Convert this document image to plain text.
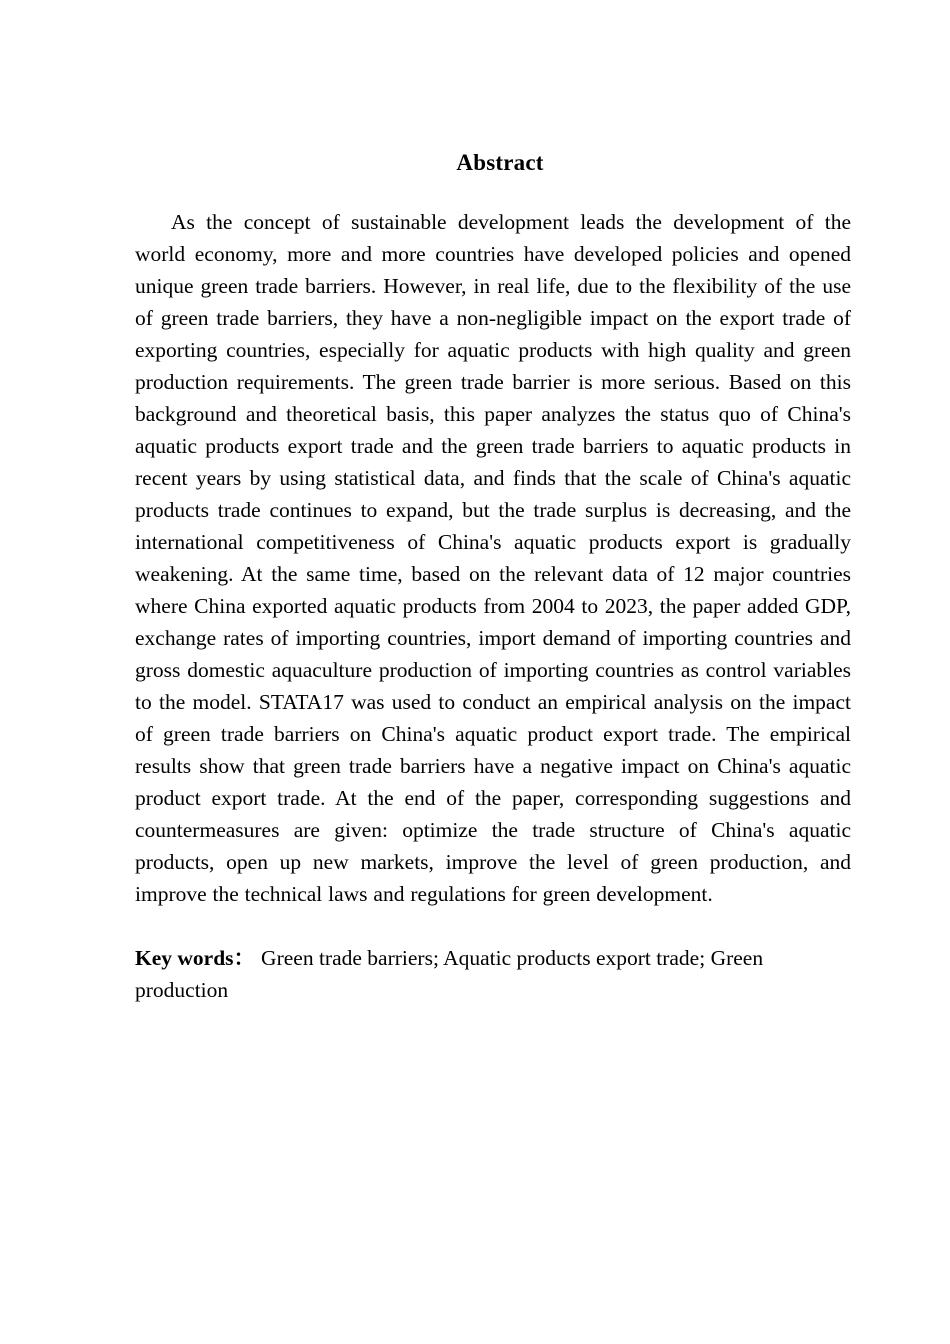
Abstract

As the concept of sustainable development leads the development of the world economy, more and more countries have developed policies and opened unique green trade barriers. However, in real life, due to the flexibility of the use of green trade barriers, they have a non-negligible impact on the export trade of exporting countries, especially for aquatic products with high quality and green production requirements. The green trade barrier is more serious. Based on this background and theoretical basis, this paper analyzes the status quo of China's aquatic products export trade and the green trade barriers to aquatic products in recent years by using statistical data, and finds that the scale of China's aquatic products trade continues to expand, but the trade surplus is decreasing, and the international competitiveness of China's aquatic products export is gradually weakening. At the same time, based on the relevant data of 12 major countries where China exported aquatic products from 2004 to 2023, the paper added GDP, exchange rates of importing countries, import demand of importing countries and gross domestic aquaculture production of importing countries as control variables to the model. STATA17 was used to conduct an empirical analysis on the impact of green trade barriers on China's aquatic product export trade. The empirical results show that green trade barriers have a negative impact on China's aquatic product export trade. At the end of the paper, corresponding suggestions and countermeasures are given: optimize the trade structure of China's aquatic products, open up new markets, improve the level of green production, and improve the technical laws and regulations for green development.

Key words： Green trade barriers; Aquatic products export trade; Green production
